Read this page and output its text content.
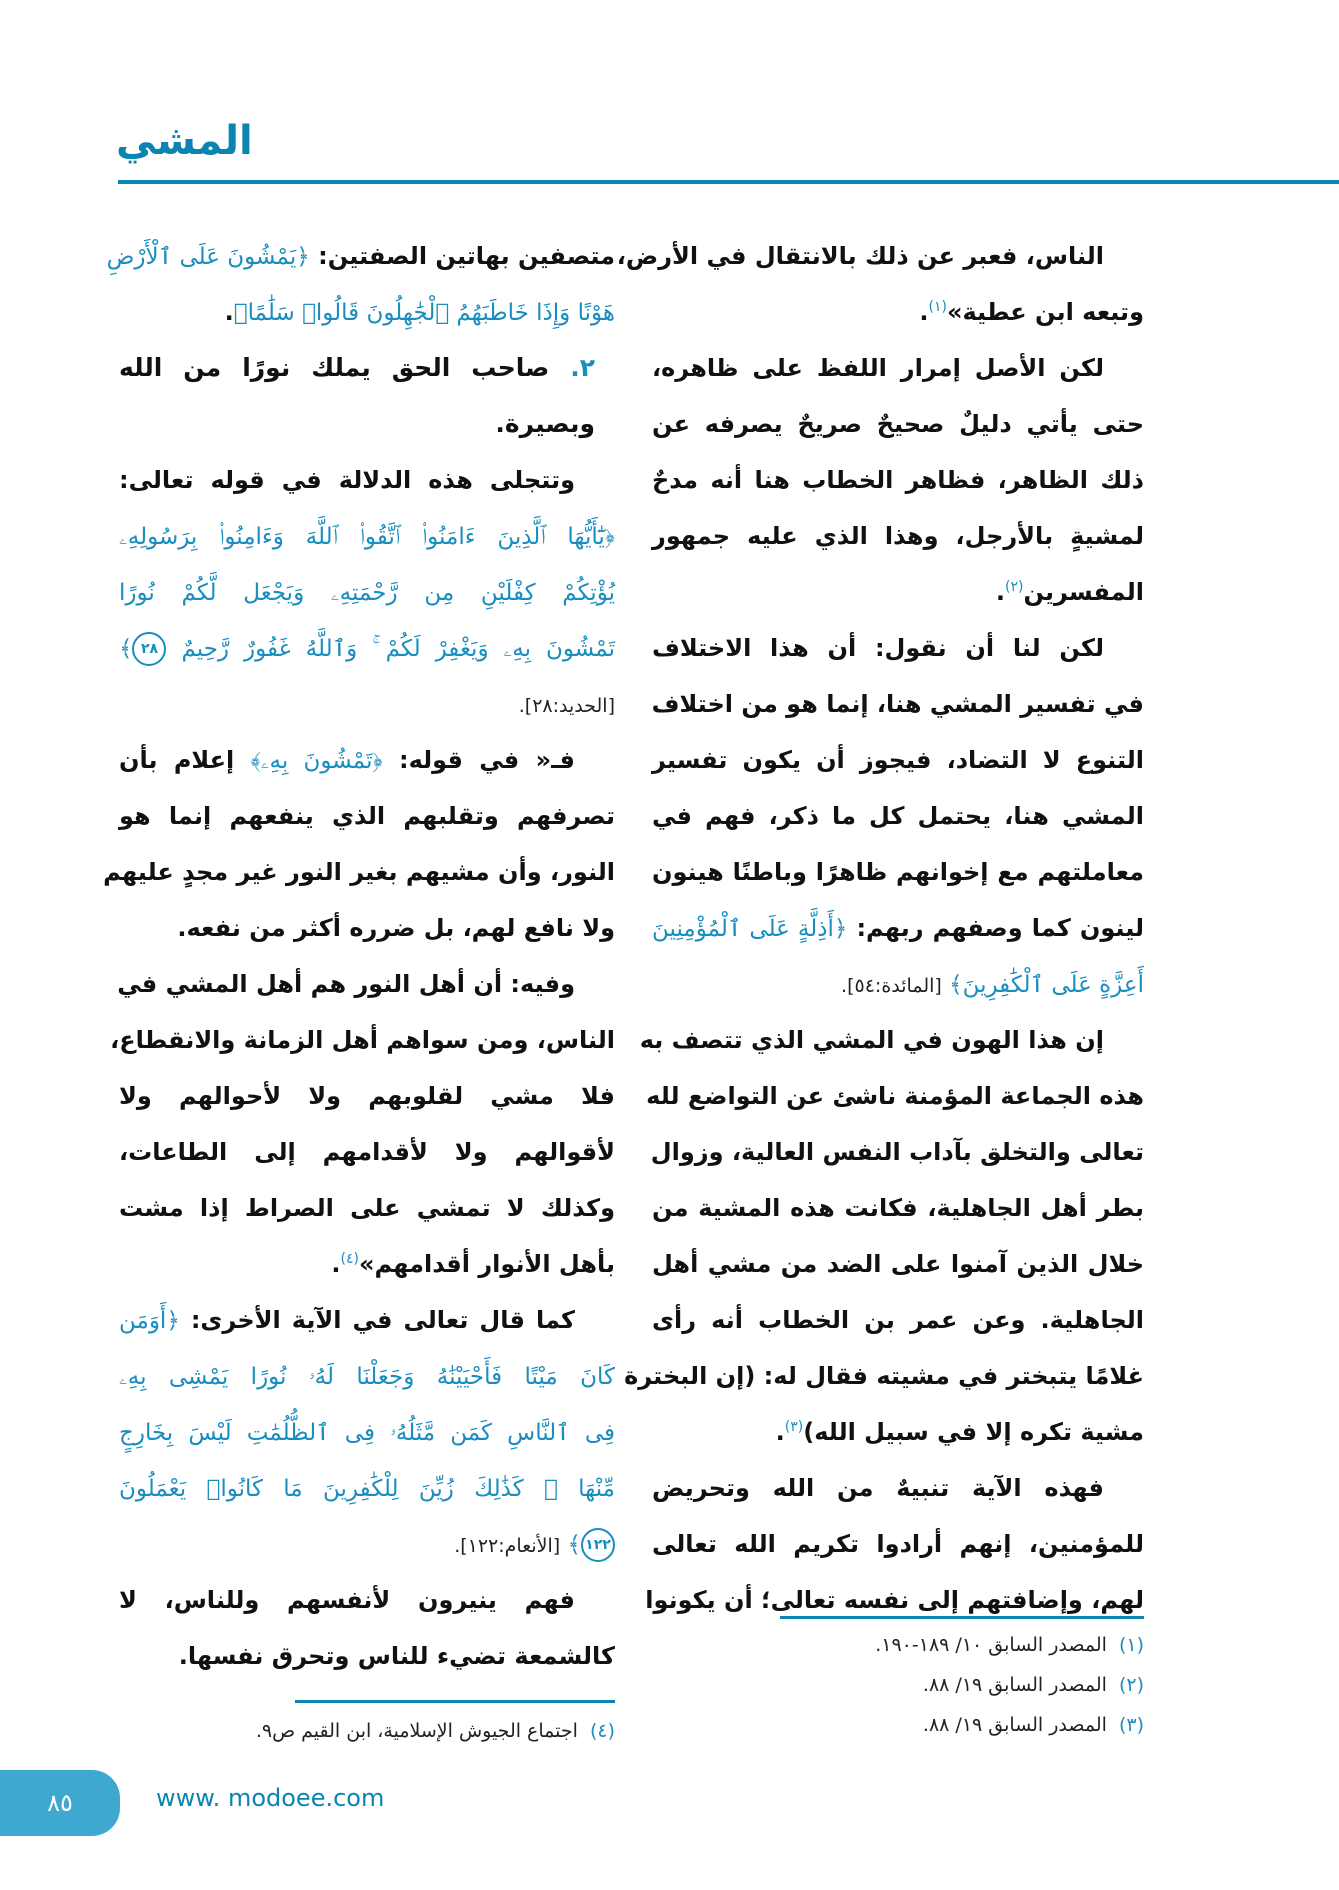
المشي
الناس، فعبر عن ذلك بالانتقال في الأرض،
وتبعه ابن عطية»$^{(١)}$.
لكن الأصل إمرار اللفظ على ظاهره،
حتى يأتي دليلٌ صحيحٌ صريحٌ يصرفه عن
ذلك الظاهر، فظاهر الخطاب هنا أنه مدحٌ
لمشيةٍ بالأرجل، وهذا الذي عليه جمهور
المفسرين$^{(٢)}$.
لكن لنا أن نقول: أن هذا الاختلاف
في تفسير المشي هنا، إنما هو من اختلاف
التنوع لا التضاد، فيجوز أن يكون تفسير
المشي هنا، يحتمل كل ما ذكر، فهم في
معاملتهم مع إخوانهم ظاهرًا وباطنًا هينون
لينون كما وصفهم ربهم: ﴿أَذِلَّةٍ عَلَى ٱلْمُؤْمِنِينَ
أَعِزَّةٍ عَلَى ٱلْكَٰفِرِينَ﴾ [المائدة:٥٤].
إن هذا الهون في المشي الذي تتصف به
هذه الجماعة المؤمنة ناشئ عن التواضع لله
تعالى والتخلق بآداب النفس العالية، وزوال
بطر أهل الجاهلية، فكانت هذه المشية من
خلال الذين آمنوا على الضد من مشي أهل
الجاهلية. وعن عمر بن الخطاب أنه رأى
غلامًا يتبختر في مشيته فقال له: (إن البخترة
مشية تكره إلا في سبيل الله)$^{(٣)}$.
فهذه الآية تنبيهٌ من الله وتحريض
للمؤمنين، إنهم أرادوا تكريم الله تعالى
لهم، وإضافتهم إلى نفسه تعالى؛ أن يكونوا
متصفين بهاتين الصفتين: ﴿يَمْشُونَ عَلَى ٱلْأَرْضِ
هَوْنًا وَإِذَا خَاطَبَهُمُ ٱلْجَٰهِلُونَ قَالُوا۟ سَلَٰمًا﴾.
٢. صاحب الحق يملك نورًا من الله
وبصيرة.
وتتجلى هذه الدلالة في قوله تعالى:
﴿يَٰٓأَيُّهَا ٱلَّذِينَ ءَامَنُوا۟ ٱتَّقُوا۟ ٱللَّهَ وَءَامِنُوا۟ بِرَسُولِهِۦ
يُؤْتِكُمْ كِفْلَيْنِ مِن رَّحْمَتِهِۦ وَيَجْعَل لَّكُمْ نُورًا
تَمْشُونَ بِهِۦ وَيَغْفِرْ لَكُمْ ۚ وَٱللَّهُ غَفُورٌ رَّحِيمٌ ٢٨﴾
[الحديد:٢٨].
فـ« في قوله: ﴿تَمْشُونَ بِهِۦ﴾ إعلام بأن
تصرفهم وتقلبهم الذي ينفعهم إنما هو
النور، وأن مشيهم بغير النور غير مجدٍ عليهم
ولا نافع لهم، بل ضرره أكثر من نفعه.
وفيه: أن أهل النور هم أهل المشي في
الناس، ومن سواهم أهل الزمانة والانقطاع،
فلا مشي لقلوبهم ولا لأحوالهم ولا
لأقوالهم ولا لأقدامهم إلى الطاعات،
وكذلك لا تمشي على الصراط إذا مشت
بأهل الأنوار أقدامهم»$^{(٤)}$.
كما قال تعالى في الآية الأخرى: ﴿أَوَمَن
كَانَ مَيْتًا فَأَحْيَيْنَٰهُ وَجَعَلْنَا لَهُۥ نُورًا يَمْشِى بِهِۦ
فِى ٱلنَّاسِ كَمَن مَّثَلُهُۥ فِى ٱلظُّلُمَٰتِ لَيْسَ بِخَارِجٍ
مِّنْهَا ۚ كَذَٰلِكَ زُيِّنَ لِلْكَٰفِرِينَ مَا كَانُوا۟ يَعْمَلُونَ
١٢٢﴾ [الأنعام:١٢٢].
فهم ينيرون لأنفسهم وللناس، لا
كالشمعة تضيء للناس وتحرق نفسها.	(١)المصدر السابق ١٠/ ١٨٩-١٩٠.
(٢)المصدر السابق ١٩/ ٨٨.
(٣)المصدر السابق ١٩/ ٨٨.
(٤)اجتماع الجيوش الإسلامية، ابن القيم ص٩.
٨٥	www. modoee.com
